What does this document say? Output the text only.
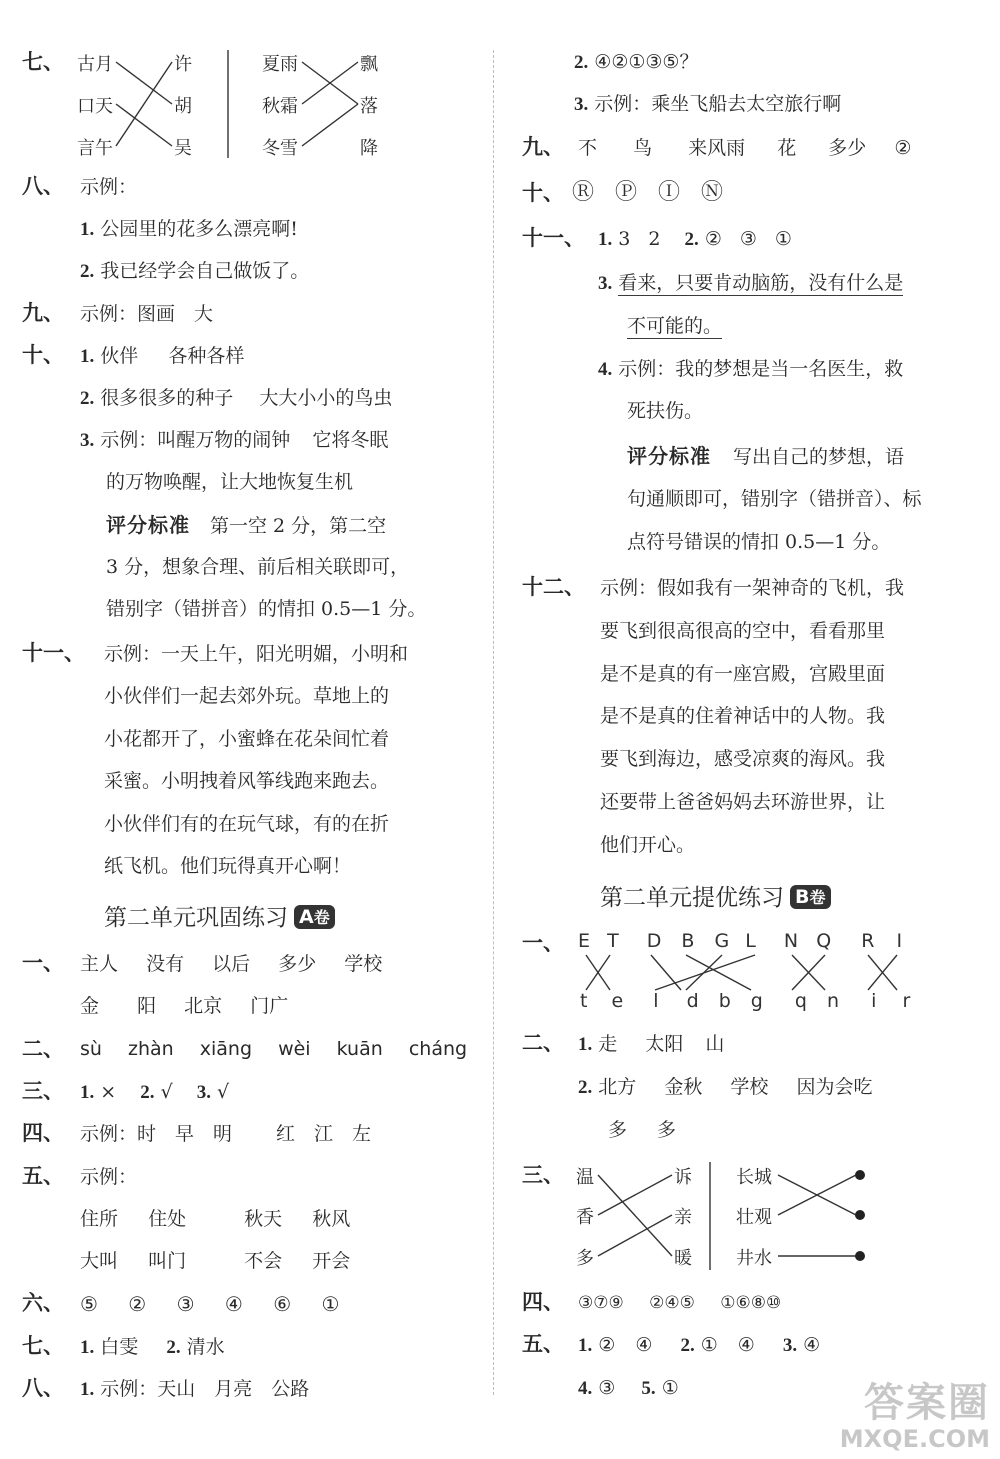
七、 古月
口天
言午
许
胡
吴
夏雨
秋霜
冬雪
飘
落
降
八、 示例：
1. 公园里的花多么漂亮啊!
2. 我已经学会自己做饭了。
九、 示例：图画　大
十、 1. 伙伴 各种各样
2. 很多很多的种子 大大小小的鸟虫
3. 示例：叫醒万物的闹钟 它将冬眠
的万物唤醒，让大地恢复生机
评分标准 第一空 2 分，第二空
3 分，想象合理、前后相关联即可，
错别字（错拼音）的情扣 0.5—1 分。
十一、 示例：一天上午，阳光明媚，小明和
小伙伴们一起去郊外玩。草地上的
小花都开了，小蜜蜂在花朵间忙着
采蜜。小明拽着风筝线跑来跑去。
小伙伴们有的在玩气球，有的在折
纸飞机。他们玩得真开心啊！
第二单元巩固练习 A卷
一、 主人 没有 以后 多少 学校
金 阳 北京 门广
二、 sù zhàn xiāng wèi kuān cháng
三、 1. × 2. √ 3. √
四、 示例：时　早　明 红　江　左
五、 示例：
住所 住处	秋天 秋风
大叫 叫门	不会 开会
六、 ⑤ ② ③ ④ ⑥ ①
七、 1. 白雯 2. 清水
八、 1. 示例：天山　月亮　公路
2. ④②①③⑤？
3. 示例：乘坐飞船去太空旅行啊
九、 不 鸟 来风雨 花 多少 ②
十、 Ⓡ Ⓟ Ⓘ Ⓝ
十一、 1. 3 2 2. ② ③ ①
3. 看来，只要肯动脑筋，没有什么是
不可能的。
4. 示例：我的梦想是当一名医生，救
死扶伤。
评分标准 写出自己的梦想，语
句通顺即可，错别字（错拼音）、标
点符号错误的情扣 0.5—1 分。
十二、 示例：假如我有一架神奇的飞机，我
要飞到很高很高的空中，看看那里
是不是真的有一座宫殿，宫殿里面
是不是真的住着神话中的人物。我
要飞到海边，感受凉爽的海风。我
还要带上爸爸妈妈去环游世界，让
他们开心。
第二单元提优练习 B卷
一、 E T D B G L N Q R I
t e l d b g q n i r
二、 1. 走 太阳 山
2. 北方 金秋 学校 因为会吃
多 多
三、 温
香
多
诉
亲
暖
长城
壮观
井水
四、 ③⑦⑨ ②④⑤ ①⑥⑧⑩
五、 1. ② ④ 2. ① ④ 3. ④
4. ③ 5. ①	答案圈
MXQE.COM
